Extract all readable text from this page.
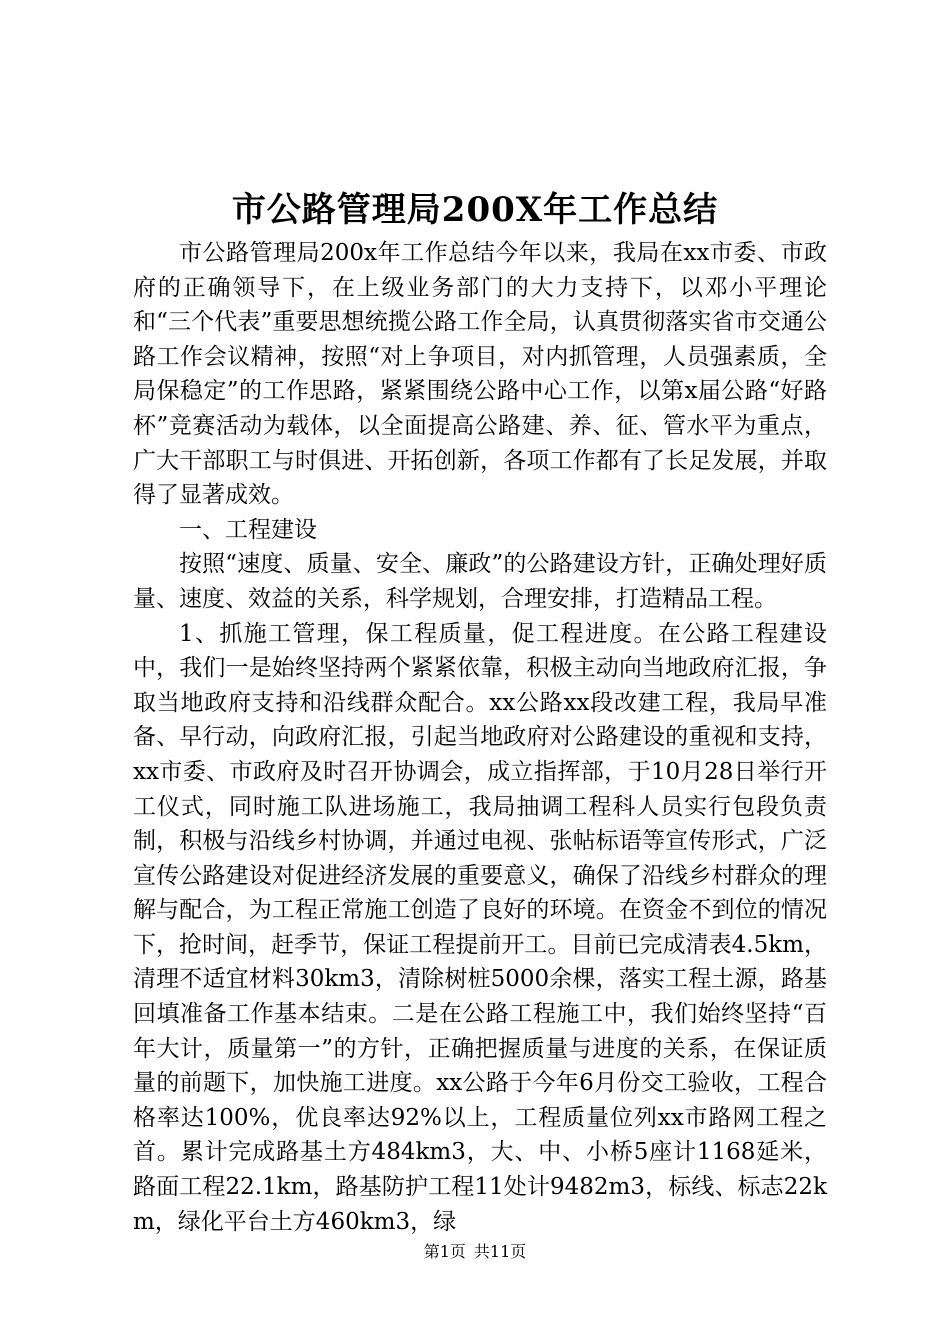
市公路管理局200X年工作总结

市公路管理局200x年工作总结今年以来，我局在xx市委、市政府的正确领导下，在上级业务部门的大力支持下，以邓小平理论和“三个代表”重要思想统揽公路工作全局，认真贯彻落实省市交通公路工作会议精神，按照“对上争项目，对内抓管理，人员强素质，全局保稳定”的工作思路，紧紧围绕公路中心工作，以第x届公路“好路杯”竞赛活动为载体，以全面提高公路建、养、征、管水平为重点，广大干部职工与时俱进、开拓创新，各项工作都有了长足发展，并取得了显著成效。

一、工程建设

按照“速度、质量、安全、廉政”的公路建设方针，正确处理好质量、速度、效益的关系，科学规划，合理安排，打造精品工程。

1、抓施工管理，保工程质量，促工程进度。在公路工程建设中，我们一是始终坚持两个紧紧依靠，积极主动向当地政府汇报，争取当地政府支持和沿线群众配合。xx公路xx段改建工程，我局早准备、早行动，向政府汇报，引起当地政府对公路建设的重视和支持，xx市委、市政府及时召开协调会，成立指挥部，于10月28日举行开工仪式，同时施工队进场施工，我局抽调工程科人员实行包段负责制，积极与沿线乡村协调，并通过电视、张帖标语等宣传形式，广泛宣传公路建设对促进经济发展的重要意义，确保了沿线乡村群众的理解与配合，为工程正常施工创造了良好的环境。在资金不到位的情况下，抢时间，赶季节，保证工程提前开工。目前已完成清表4.5km，清理不适宜材料30km3，清除树桩5000余棵，落实工程土源，路基回填准备工作基本结束。二是在公路工程施工中，我们始终坚持“百年大计，质量第一”的方针，正确把握质量与进度的关系，在保证质量的前题下，加快施工进度。xx公路于今年6月份交工验收，工程合格率达100%，优良率达92%以上，工程质量位列xx市路网工程之首。累计完成路基土方484km3，大、中、小桥5座计1168延米，路面工程22.1km，路基防护工程11处计9482m3，标线、标志22km，绿化平台土方460km3，绿

第1页 共11页
